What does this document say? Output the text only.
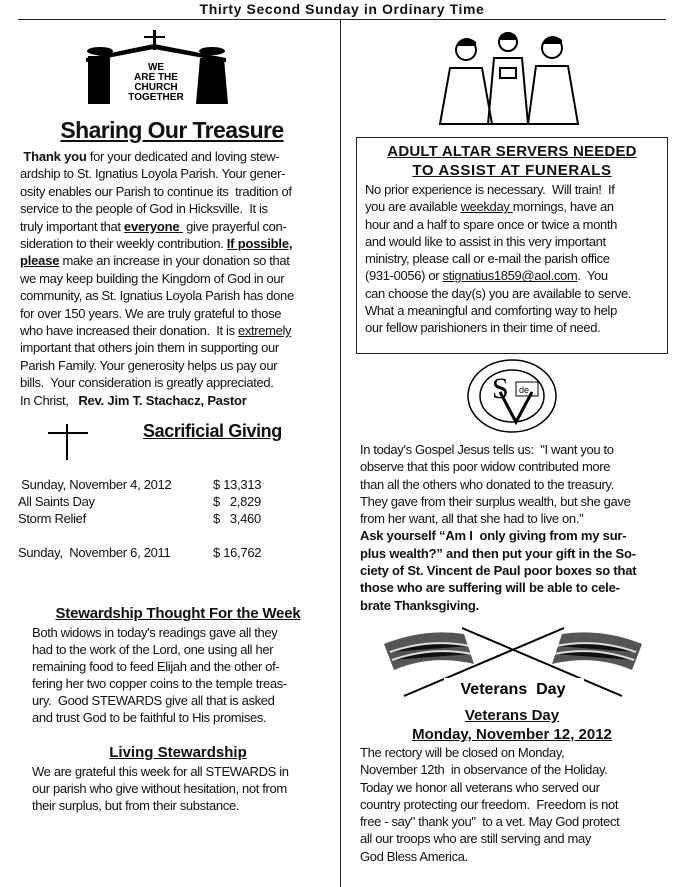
Thirty Second Sunday in Ordinary Time
WE
ARE THE
CHURCH
TOGETHER
Sharing Our Treasure
Thank you for your dedicated and loving stew-
ardship to St. Ignatius Loyola Parish. Your gener-
osity enables our Parish to continue its  tradition of
service to the people of God in Hicksville.  It is
truly important that everyone  give prayerful con-
sideration to their weekly contribution. If possible,
please make an increase in your donation so that
we may keep building the Kingdom of God in our
community, as St. Ignatius Loyola Parish has done
for over 150 years. We are truly grateful to those
who have increased their donation.  It is extremely
important that others join them in supporting our
Parish Family. Your generosity helps us pay our
bills.  Your consideration is greatly appreciated.
In Christ,   Rev. Jim T. Stachacz, Pastor
Sacrificial Giving
Sunday, November 4, 2012	$ 13,313
All Saints Day	$   2,829
Storm Relief	$   3,460
Sunday,  November 6, 2011	$ 16,762
Stewardship Thought For the Week
Both widows in today's readings gave all they
had to the work of the Lord, one using all her
remaining food to feed Elijah and the other of-
fering her two copper coins to the temple treas-
ury.  Good STEWARDS give all that is asked
and trust God to be faithful to His promises.
Living Stewardship
We are grateful this week for all STEWARDS in
our parish who give without hesitation, not from
their surplus, but from their substance.
ADULT ALTAR SERVERS NEEDED
TO ASSIST AT FUNERALS
No prior experience is necessary.  Will train!  If
you are available weekday mornings, have an
hour and a half to spare once or twice a month
and would like to assist in this very important
ministry, please call or e-mail the parish office
(931-0056) or stignatius1859@aol.com.  You
can choose the day(s) you are available to serve.
What a meaningful and comforting way to help
our fellow parishioners in their time of need.
S de
In today's Gospel Jesus tells us:  "I want you to
observe that this poor widow contributed more
than all the others who donated to the treasury.
They gave from their surplus wealth, but she gave
from her want, all that she had to live on."
Ask yourself “Am I  only giving from my sur-
plus wealth?” and then put your gift in the So-
ciety of St. Vincent de Paul poor boxes so that
those who are suffering will be able to cele-
brate Thanksgiving.
Veterans  Day
Veterans Day
Monday, November 12, 2012
The rectory will be closed on Monday,
November 12th  in observance of the Holiday.
Today we honor all veterans who served our
country protecting our freedom.  Freedom is not
free - say" thank you"  to a vet. May God protect
all our troops who are still serving and may
God Bless America.
